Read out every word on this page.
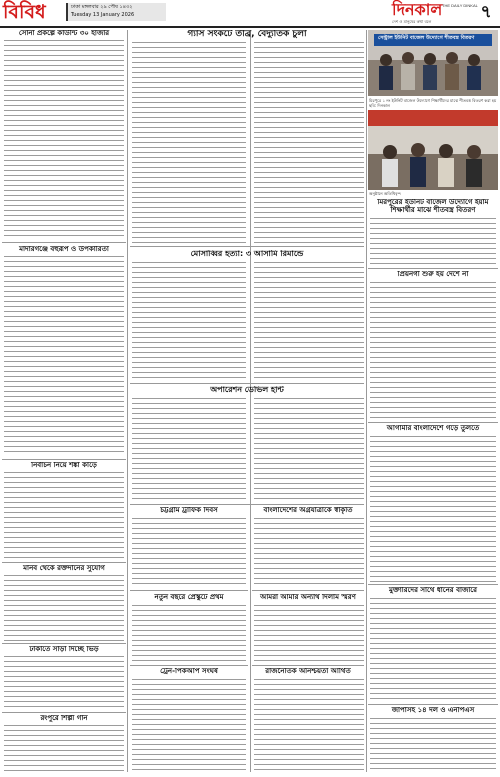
বিবিধ	ঢাকা মঙ্গলবার ২৯ পৌষ ১৪৩২
Tuesday 13 January 2026	দিনকাল THE DAILY DINKAL
দেশ ও মানুষের কথা বলে	৭
সোনা প্রকল্পে কাউন্টি ৩০ হাজার
মাদারগঞ্জে বহুরূপ ও উপকারিতা
নির্বাচন নিয়ে শঙ্কা কাড়ে
মানব থেকে রক্তদানের সুযোগ
ঢাকাতে সাড়া দিচ্ছে ভিড়
রংপুরে শিল্পী গান
গ্যাস সংকটে তীব্র, বৈদ্যুতিক চুলা
মোসাব্বির হত্যা: ৩ আসামি রিমান্ডে
অপারেশন ডেভিল হান্ট
চট্টগ্রাম ট্রাফিক দিবস
নতুন বছরে প্রেস্কুটে প্রথম
ট্রেন-পিকআপ সংঘর্ষ
বাংলাদেশের অগ্রযাত্রাকে স্বীকৃতি
আমরা আমার অন্যার্থ দিলাম স্মরণ
রাজনৈতিক অনিশ্চয়তা আর্থিত
সেন্ট্রাল ইউনিট বাজেল উদ্যোগে শীতবস্ত্র বিতরণ
মিরপুরে ১ নং ইউনিট বাজেল উদ্যোগে শিক্ষার্থীদের মাঝে শীতবস্ত্র বিতরণ করা হয় ছবি: দিনকাল
অনুষ্ঠানে অতিথিবৃন্দ
মিরপুরের ইউনিট বাজেল উদ্যোগে ইয়াম শিক্ষার্থীর মাঝে শীতবস্ত্র বিতরণ
প্রিয়নগী শুরু হয় দেশে না
আগামীর বাংলাদেশে গড়ে তুলতে
মুক্তারিদের সাথে ধানের বাজারে
জাপাসহ ১৪ দল ও এনপিএস
